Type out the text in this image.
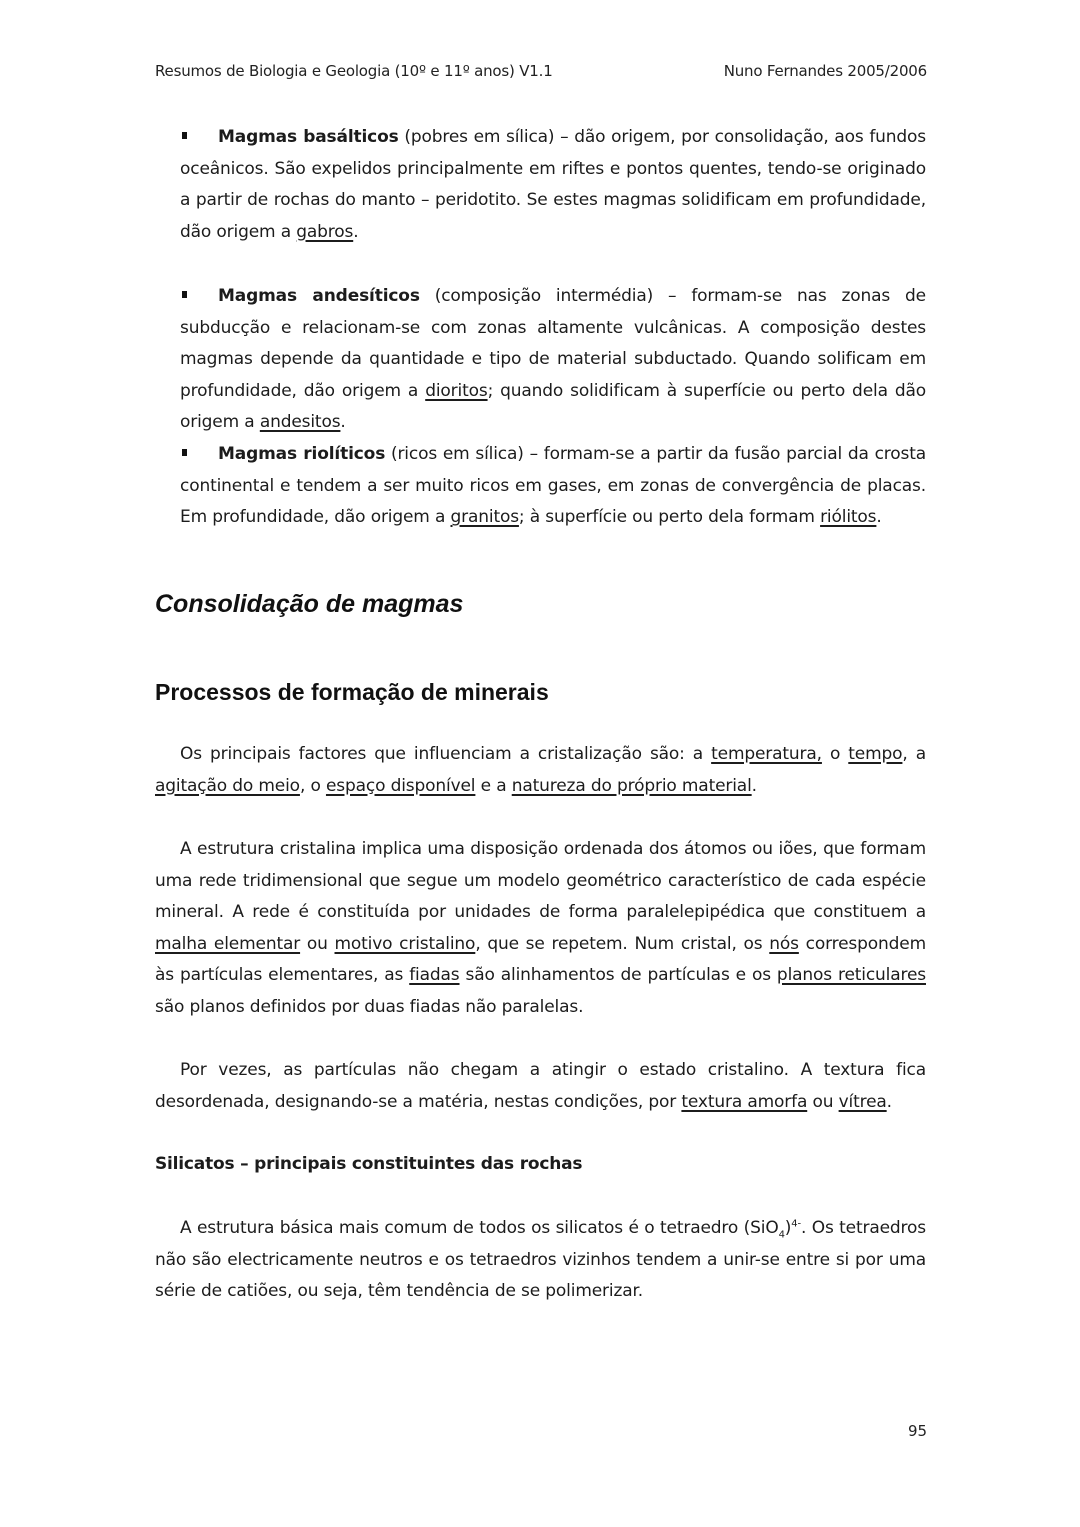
Resumos de Biologia e Geologia (10º e 11º anos) V1.1	Nuno Fernandes 2005/2006
Magmas basálticos (pobres em sílica) – dão origem, por consolidação, aos fundos oceânicos. São expelidos principalmente em riftes e pontos quentes, tendo-se originado a partir de rochas do manto – peridotito. Se estes magmas solidificam em profundidade, dão origem a gabros.
Magmas andesíticos (composição intermédia) – formam-se nas zonas de subducção e relacionam-se com zonas altamente vulcânicas. A composição destes magmas depende da quantidade e tipo de material subductado. Quando solificam em profundidade, dão origem a dioritos; quando solidificam à superfície ou perto dela dão origem a andesitos.
Magmas riolíticos (ricos em sílica) – formam-se a partir da fusão parcial da crosta continental e tendem a ser muito ricos em gases, em zonas de convergência de placas. Em profundidade, dão origem a granitos; à superfície ou perto dela formam riólitos.
Consolidação de magmas
Processos de formação de minerais
Os principais factores que influenciam a cristalização são: a temperatura, o tempo, a agitação do meio, o espaço disponível e a natureza do próprio material.
A estrutura cristalina implica uma disposição ordenada dos átomos ou iões, que formam uma rede tridimensional que segue um modelo geométrico característico de cada espécie mineral. A rede é constituída por unidades de forma paralelepipédica que constituem a malha elementar ou motivo cristalino, que se repetem. Num cristal, os nós correspondem às partículas elementares, as fiadas são alinhamentos de partículas e os planos reticulares são planos definidos por duas fiadas não paralelas.
Por vezes, as partículas não chegam a atingir o estado cristalino. A textura fica desordenada, designando-se a matéria, nestas condições, por textura amorfa ou vítrea.
Silicatos – principais constituintes das rochas
A estrutura básica mais comum de todos os silicatos é o tetraedro $(SiO_4)^{4-}$. Os tetraedros não são electricamente neutros e os tetraedros vizinhos tendem a unir-se entre si por uma série de catiões, ou seja, têm tendência de se polimerizar.
95
